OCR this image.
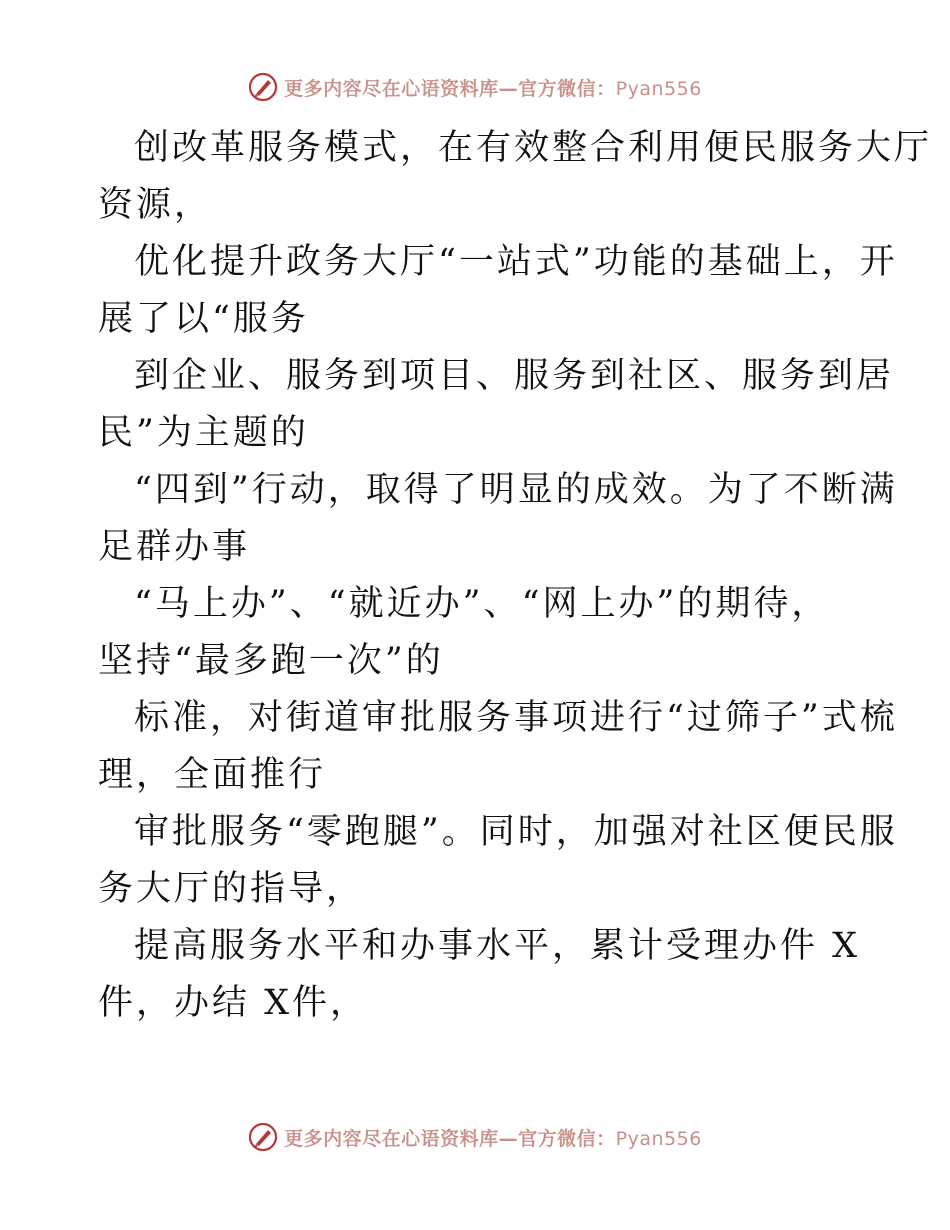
更多内容尽在心语资料库—官方微信：Pyan556
创改革服务模式，在有效整合利用便民服务大厅
资源，
优化提升政务大厅“一站式”功能的基础上，开
展了以“服务
到企业、服务到项目、服务到社区、服务到居
民”为主题的
“四到”行动，取得了明显的成效。为了不断满
足群办事
“马上办”、“就近办”、“网上办”的期待，
坚持“最多跑一次”的
标准，对街道审批服务事项进行“过筛子”式梳
理，全面推行
审批服务“零跑腿”。同时，加强对社区便民服
务大厅的指导，
提高服务水平和办事水平，累计受理办件 X
件，办结 X件，
更多内容尽在心语资料库—官方微信：Pyan556
